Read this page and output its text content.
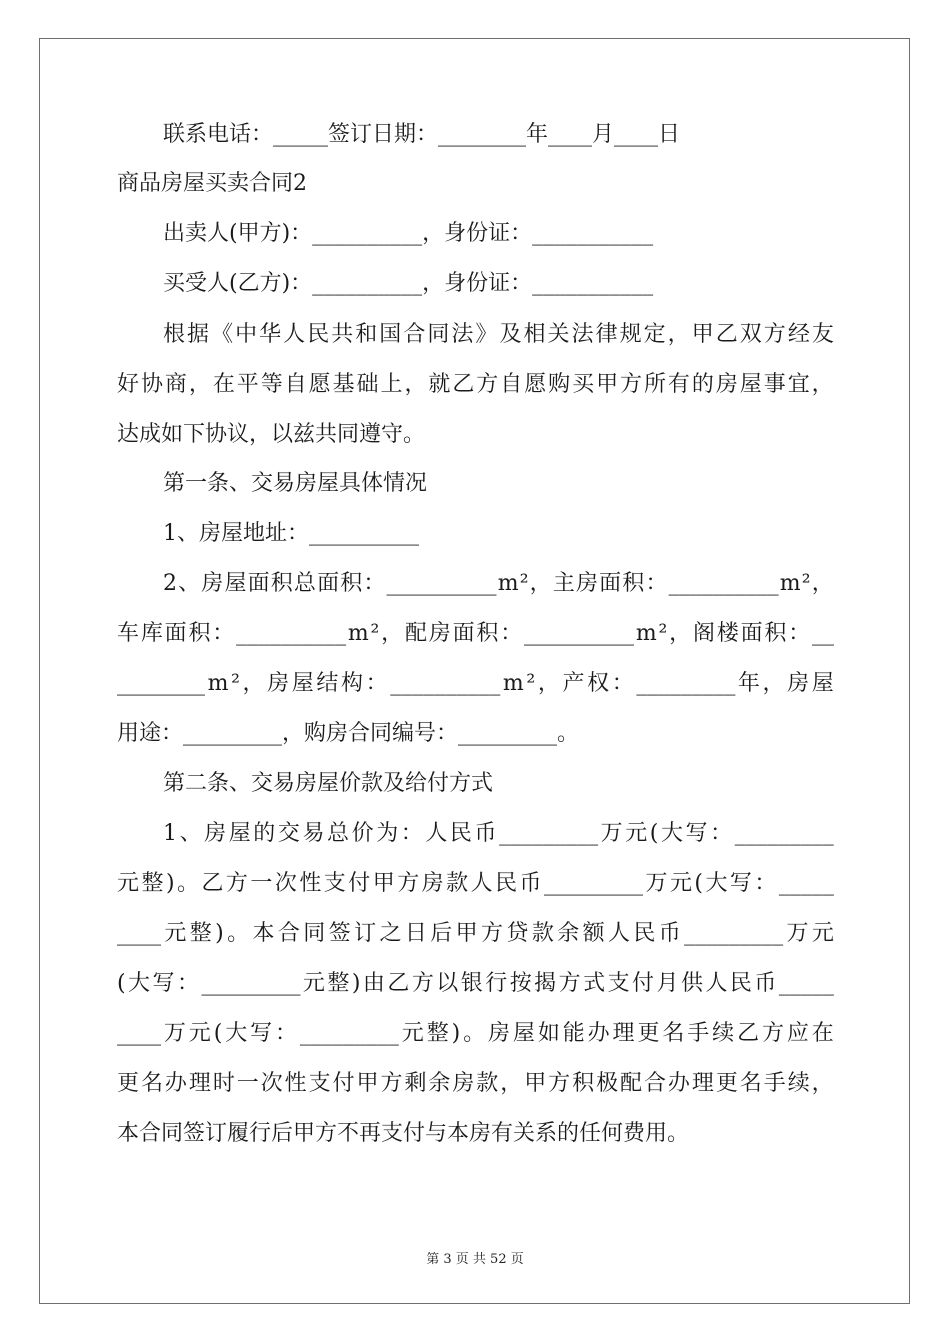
联系电话：_____签订日期：________年____月____日
商品房屋买卖合同2
出卖人(甲方)：__________，身份证：___________
买受人(乙方)：__________，身份证：___________
根 据 《 中 华 人 民 共 和 国 合 同 法 》 及 相 关 法 律 规 定 ， 甲 乙 双 方 经 友
好 协 商 ， 在 平 等 自 愿 基 础 上 ， 就 乙 方 自 愿 购 买 甲 方 所 有 的 房 屋 事 宜 ，
达成如下协议，以兹共同遵守。
第一条、交易房屋具体情况
1、房屋地址：__________
2 、 房 屋 面 积 总 面 积 ： __________ m ² ， 主 房 面 积 ： __________ m ² ，
车 库 面 积 ： __________ m ² ， 配 房 面 积 ： __________ m ² ， 阁 楼 面 积 ： __
________ m ² ， 房 屋 结 构 ： __________ m ² ， 产 权 ： _________ 年 ， 房 屋
用途：_________，购房合同编号：_________。
第二条、交易房屋价款及给付方式
1 、 房 屋 的 交 易 总 价 为 ： 人 民 币 _________ 万 元 ( 大 写 ： _________
元 整 ) 。 乙 方 一 次 性 支 付 甲 方 房 款 人 民 币 _________ 万 元 ( 大 写 ： _____
____ 元 整 ) 。 本 合 同 签 订 之 日 后 甲 方 贷 款 余 额 人 民 币 _________ 万 元
( 大 写 ： _________ 元 整 ) 由 乙 方 以 银 行 按 揭 方 式 支 付 月 供 人 民 币 _____
____ 万 元 ( 大 写 ： _________ 元 整 ) 。 房 屋 如 能 办 理 更 名 手 续 乙 方 应 在
更 名 办 理 时 一 次 性 支 付 甲 方 剩 余 房 款 ， 甲 方 积 极 配 合 办 理 更 名 手 续 ，
本合同签订履行后甲方不再支付与本房有关系的任何费用。
第 3 页 共 52 页
